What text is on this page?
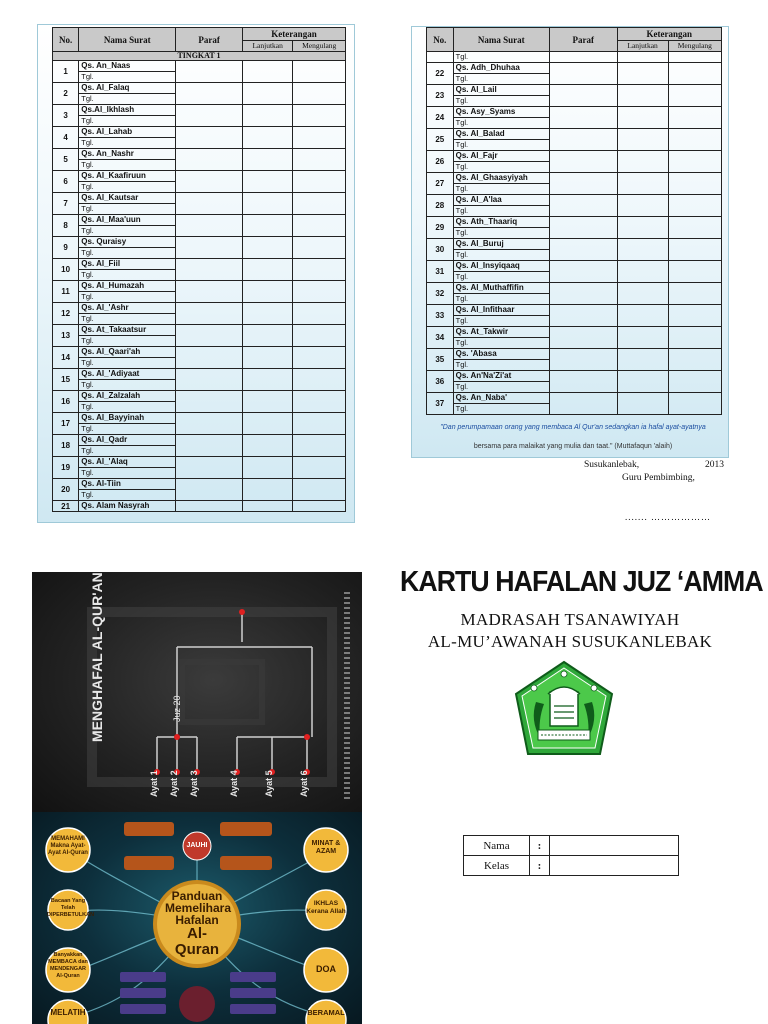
No.	Nama Surat	Paraf	Keterangan	
			Lanjutkan	Mengulang
TINGKAT 1				
1	Qs. An_Naas			
	Tgl.			
2	Qs. Al_Falaq			
	Tgl.			
3	Qs.Al_Ikhlash			
	Tgl.			
4	Qs. Al_Lahab			
	Tgl.			
5	Qs. An_Nashr			
	Tgl.			
6	Qs. Al_Kaafiruun			
	Tgl.			
7	Qs. Al_Kautsar			
	Tgl.			
8	Qs. Al_Maa'uun			
	Tgl.			
9	Qs. Quraisy			
	Tgl.			
10	Qs. Al_Fiil			
	Tgl.			
11	Qs. Al_Humazah			
	Tgl.			
12	Qs. Al_'Ashr			
	Tgl.			
13	Qs. At_Takaatsur			
	Tgl.			
14	Qs. Al_Qaari'ah			
	Tgl.			
15	Qs. Al_'Adiyaat			
	Tgl.			
16	Qs. Al_Zalzalah			
	Tgl.			
17	Qs. Al_Bayyinah			
	Tgl.			
18	Qs. Al_Qadr			
	Tgl.			
19	Qs. Al_'Alaq			
	Tgl.			
20	Qs. Al-Tiin			
	Tgl.			
21	Qs. Alam Nasyrah			
	Tgl.			
No.	Nama Surat	Paraf	Keterangan	
			Lanjutkan	Mengulang
22	Qs. Adh_Dhuhaa			
	Tgl.			
23	Qs. Al_Lail			
	Tgl.			
24	Qs. Asy_Syams			
	Tgl.			
25	Qs. Al_Balad			
	Tgl.			
26	Qs. Al_Fajr			
	Tgl.			
27	Qs. Al_Ghaasyiyah			
	Tgl.			
28	Qs. Al_A'laa			
	Tgl.			
29	Qs. Ath_Thaariq			
	Tgl.			
30	Qs. Al_Buruj			
	Tgl.			
31	Qs. Al_Insyiqaaq			
	Tgl.			
32	Qs. Al_Muthaffifin			
	Tgl.			
33	Qs. Al_Infithaar			
	Tgl.			
34	Qs. At_Takwir			
	Tgl.			
35	Qs. 'Abasa			
	Tgl.			
36	Qs. An'Na'Zi'at			
	Tgl.			
37	Qs. An_Naba'			
	Tgl.			
"Dan perumpamaan orang yang membaca Al Qur'an sedangkan ia hafal ayat-ayatnya
bersama para malaikat yang mulia dan taat." (Muttafaqun 'alaih)
Susukanlebak,	2013
Guru Pembimbing,
....... ………………
Ayat 1 Ayat 2 Ayat 3	Ayat 4	Ayat 5	Ayat 6
MENGHAFAL AL-QUR'AN	Juz 20
Panduan
Memelihara
Hafalan
Al-Quran
JAUHI
MEMAHAMI Makna Ayat-Ayat Al-Quran
Bacaan Yang Telah DIPERBETULKAN
Banyakkan MEMBACA dan MENDENGAR Al-Quran
MELATIH
MINAT & AZAM
IKHLAS Kerana Allah
DOA
BERAMAL
KARTU HAFALAN JUZ ‘AMMA
MADRASAH TSANAWIYAH
AL-MU’AWANAH SUSUKANLEBAK
Nama	:	
Kelas	:	
